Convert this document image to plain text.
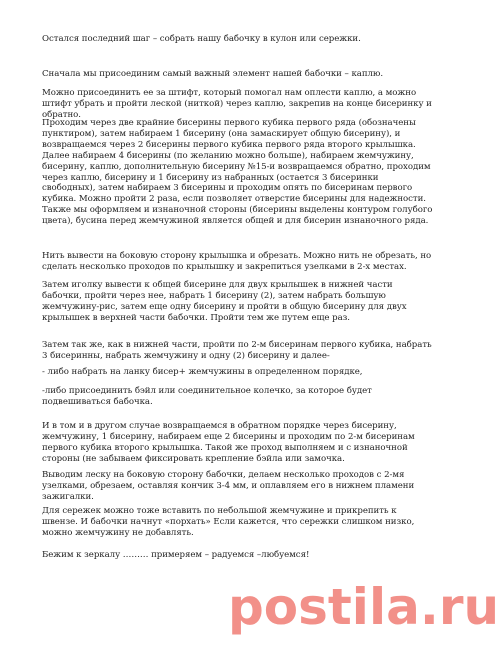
Остался последний шаг – собрать нашу бабочку в кулон или сережки.

Сначала мы присоединим самый важный элемент нашей бабочки – каплю.

Можно присоединить ее за штифт, который помогал нам оплести каплю, а можно штифт убрать и пройти леской (ниткой) через каплю, закрепив на конце бисеринку и обратно.

Проходим через две крайние бисерины первого кубика первого ряда (обозначены пунктиром), затем набираем 1 бисерину (она замаскирует общую бисерину), и возвращаемся через 2 бисерины первого кубика первого ряда второго крылышка. Далее набираем 4 бисерины (по желанию можно больше), набираем жемчужину, бисерину, каплю, дополнительную бисерину №15-и возвращаемся обратно, проходим через каплю, бисерину и 1 бисерину из набранных (остается 3 бисеринки свободных), затем набираем 3 бисерины и проходим опять по бисеринам первого кубика. Можно пройти 2 раза, если позволяет отверстие бисерины для надежности. Также мы оформляем и изнаночной стороны (бисерины выделены контуром голубого цвета), бусина перед жемчужиной является общей и для бисерин изнаночного ряда.

Нить вывести на боковую сторону крылышка и обрезать. Можно нить не обрезать, но сделать несколько проходов по крылышку и закрепиться узелками в 2-х местах.

Затем иголку вывести к общей бисерине для двух крылышек в нижней части бабочки, пройти через нее, набрать 1 бисерину (2), затем набрать большую жемчужину-рис, затем еще одну бисерину и пройти в общую бисерину для двух крылышек в верхней части бабочки. Пройти тем же путем еще раз.

Затем так же, как в нижней части, пройти по 2-м бисеринам первого кубика, набрать 3 бисеринны, набрать жемчужину и одну (2) бисерину и далее-

- либо набрать на ланку бисер+ жемчужины в определенном порядке,

-либо присоединить бэйл или соединительное колечко, за которое будет подвешиваться бабочка.

И в том и в другом случае возвращаемся в обратном порядке через бисерину, жемчужину, 1 бисерину, набираем еще 2 бисерины и проходим по 2-м бисеринам первого кубика второго крылышка. Такой же проход выполняем и с изнаночной стороны (не забываем фиксировать крепление бэйла или замочка.

Выводим леску на боковую сторону бабочки, делаем несколько проходов с 2-мя узелками, обрезаем, оставляя кончик 3-4 мм, и оплавляем его в нижнем пламени зажигалки.

Для сережек можно тоже вставить по небольшой жемчужине и прикрепить к швензе. И бабочки начнут «порхать» Если кажется, что сережки слишком низко, можно жемчужину не добавлять.

Бежим к зеркалу ……… примеряем – радуемся –любуемся!

postila.ru
